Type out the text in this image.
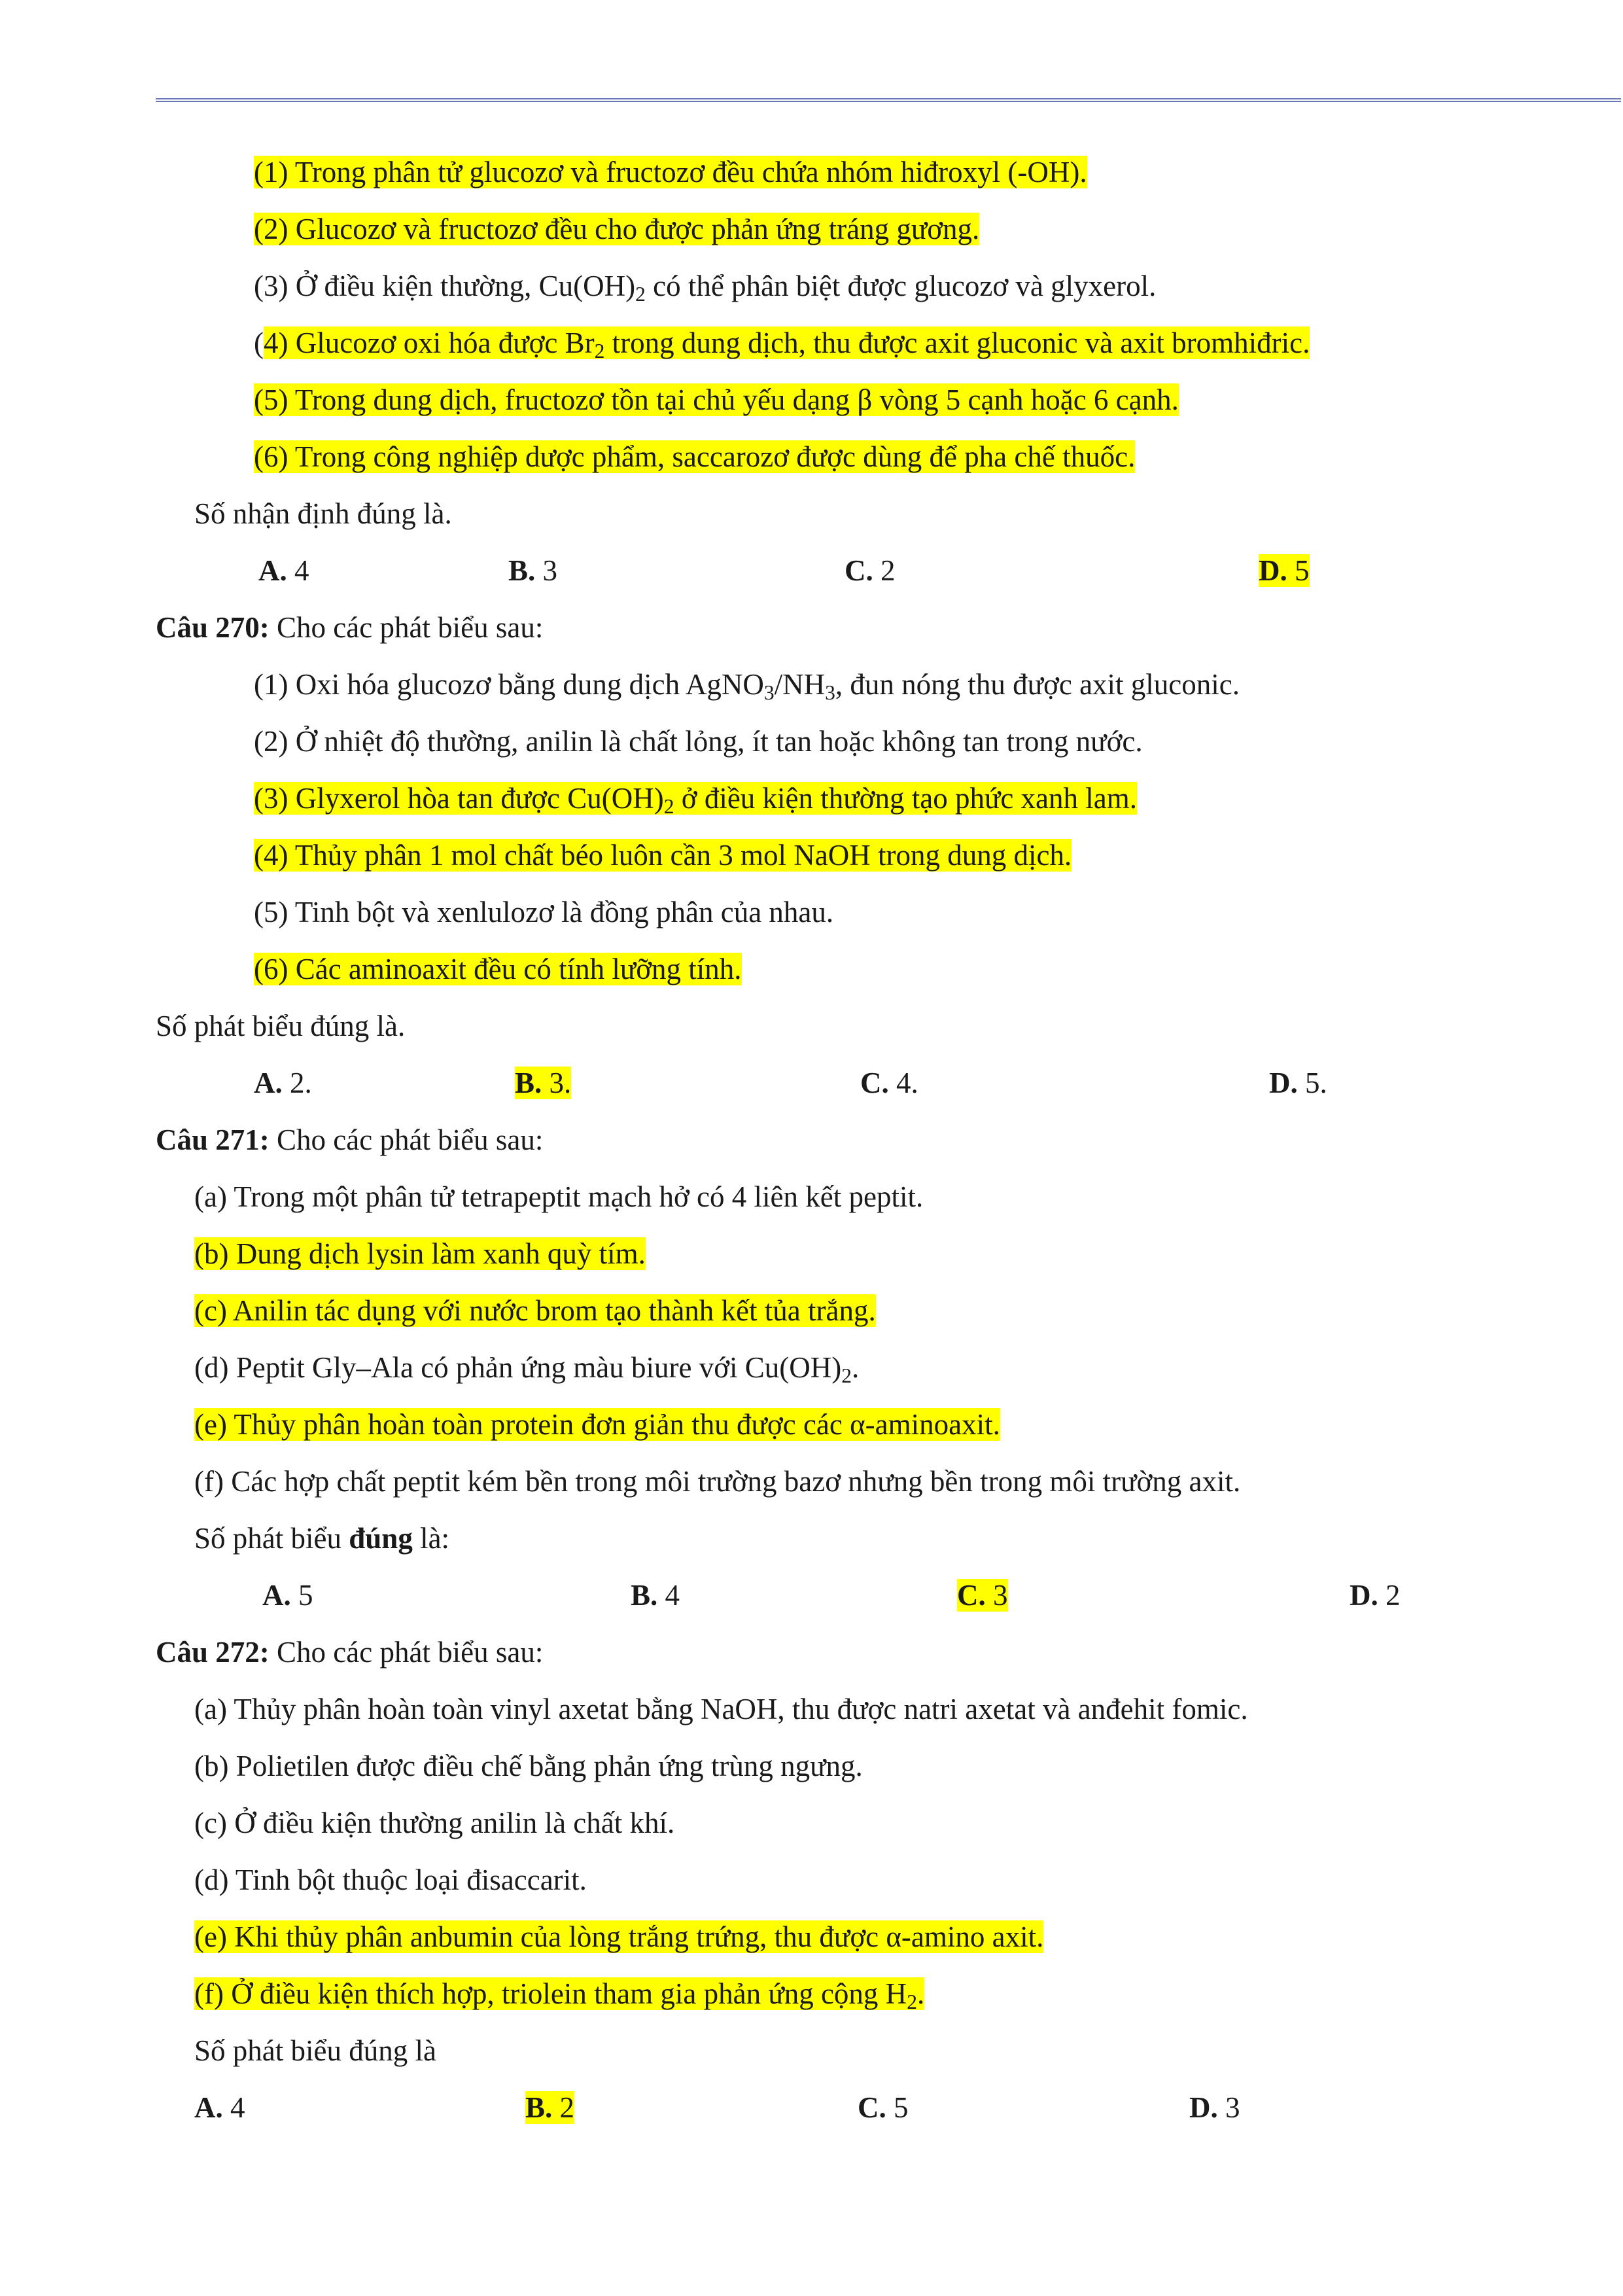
(1) Trong phân tử glucozơ và fructozơ đều chứa nhóm hiđroxyl (-OH).
(2) Glucozơ và fructozơ đều cho được phản ứng tráng gương.
(3) Ở điều kiện thường, $Cu(OH)_2$ có thể phân biệt được glucozơ và glyxerol.
(4) Glucozơ oxi hóa được $Br_2$ trong dung dịch, thu được axit gluconic và axit bromhiđric.
(5) Trong dung dịch, fructozơ tồn tại chủ yếu dạng β vòng 5 cạnh hoặc 6 cạnh.
(6) Trong công nghiệp dược phẩm, saccarozơ được dùng để pha chế thuốc.
Số nhận định đúng là.
A. 4	B. 3	C. 2	D. 5
Câu 270: Cho các phát biểu sau:
(1) Oxi hóa glucozơ bằng dung dịch $AgNO_3/NH_3$, đun nóng thu được axit gluconic.
(2) Ở nhiệt độ thường, anilin là chất lỏng, ít tan hoặc không tan trong nước.
(3) Glyxerol hòa tan được $Cu(OH)_2$ ở điều kiện thường tạo phức xanh lam.
(4) Thủy phân 1 mol chất béo luôn cần 3 mol NaOH trong dung dịch.
(5) Tinh bột và xenlulozơ là đồng phân của nhau.
(6) Các aminoaxit đều có tính lưỡng tính.
Số phát biểu đúng là.
A. 2.	B. 3.	C. 4.	D. 5.
Câu 271: Cho các phát biểu sau:
(a) Trong một phân tử tetrapeptit mạch hở có 4 liên kết peptit.
(b) Dung dịch lysin làm xanh quỳ tím.
(c) Anilin tác dụng với nước brom tạo thành kết tủa trắng.
(d) Peptit Gly–Ala có phản ứng màu biure với $Cu(OH)_2$.
(e) Thủy phân hoàn toàn protein đơn giản thu được các α-aminoaxit.
(f) Các hợp chất peptit kém bền trong môi trường bazơ nhưng bền trong môi trường axit.
Số phát biểu đúng là:
A. 5	B. 4	C. 3	D. 2
Câu 272: Cho các phát biểu sau:
(a) Thủy phân hoàn toàn vinyl axetat bằng NaOH, thu được natri axetat và anđehit fomic.
(b) Polietilen được điều chế bằng phản ứng trùng ngưng.
(c) Ở điều kiện thường anilin là chất khí.
(d) Tinh bột thuộc loại đisaccarit.
(e) Khi thủy phân anbumin của lòng trắng trứng, thu được α-amino axit.
(f) Ở điều kiện thích hợp, triolein tham gia phản ứng cộng $H_2$.
Số phát biểu đúng là
A. 4	B. 2	C. 5	D. 3
